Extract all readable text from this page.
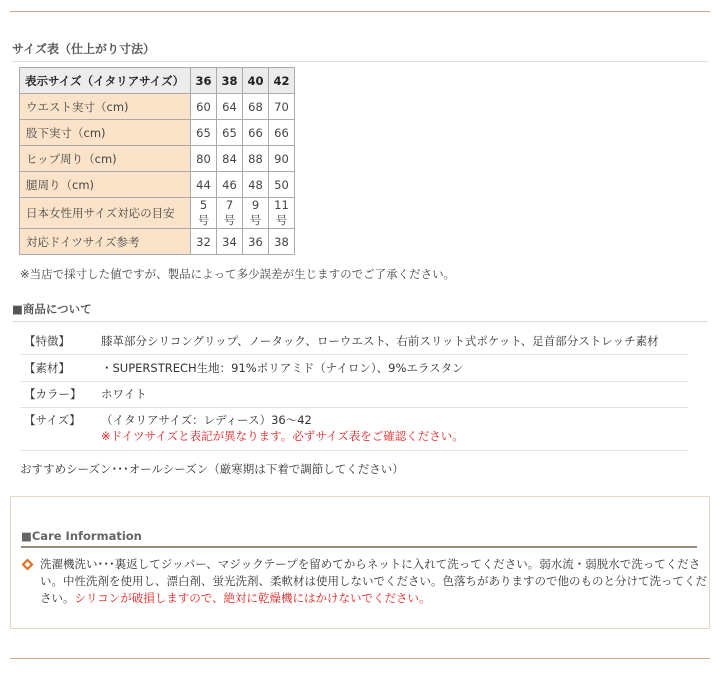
サイズ表（仕上がり寸法）
表示サイズ（イタリアサイズ）	36	38	40	42
ウエスト実寸（cm)	60	64	68	70
股下実寸（cm)	65	65	66	66
ヒップ周り（cm)	80	84	88	90
腿周り（cm)	44	46	48	50
日本女性用サイズ対応の目安	5号	7号	9号	11号
対応ドイツサイズ参考	32	34	36	38
※当店で採寸した値ですが、製品によって多少誤差が生じますのでご了承ください。
■商品について
【特徴】	膝革部分シリコングリップ、ノータック、ローウエスト、右前スリット式ポケット、足首部分ストレッチ素材
【素材】	・SUPERSTRECH生地：91%ポリアミド（ナイロン）、9%エラスタン
【カラー】 ホワイト
【サイズ】 （イタリアサイズ：レディース）36～42
※ドイツサイズと表記が異なります。必ずサイズ表をご確認ください。
おすすめシーズン･･･オールシーズン（厳寒期は下着で調節してください）
■Care Information
洗濯機洗い･･･裏返してジッパー、マジックテープを留めてからネットに入れて洗ってください。弱水流・弱脱水で洗ってください。中性洗剤を使用し、漂白剤、蛍光洗剤、柔軟材は使用しないでください。色落ちがありますので他のものと分けて洗ってください。シリコンが破損しますので、絶対に乾燥機にはかけないでください。
